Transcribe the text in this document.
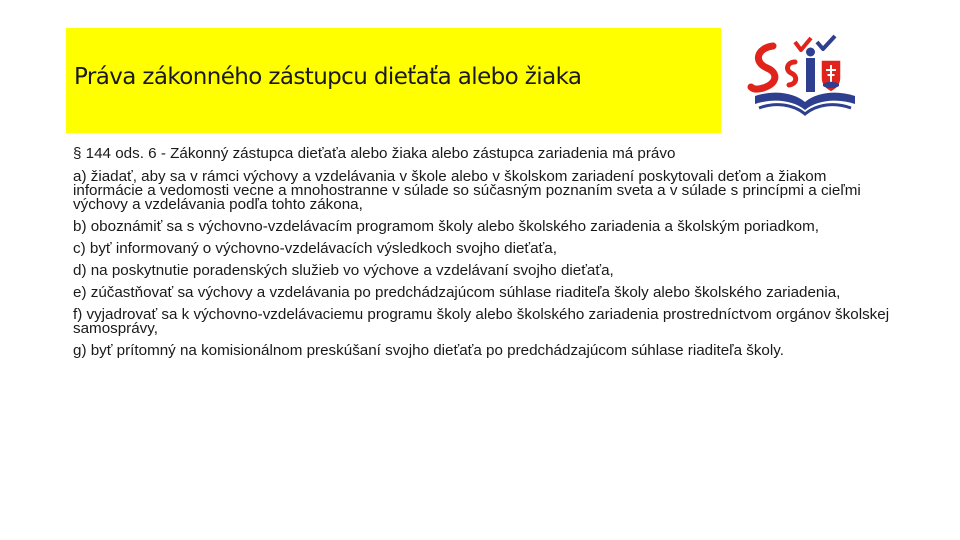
Práva zákonného zástupcu dieťaťa alebo žiaka

§ 144 ods. 6 - Zákonný zástupca dieťaťa alebo žiaka alebo zástupca zariadenia má právo

a) žiadať, aby sa v rámci výchovy a vzdelávania v škole alebo v školskom zariadení poskytovali deťom a žiakom informácie a vedomosti vecne a mnohostranne v súlade so súčasným poznaním sveta a v súlade s princípmi a cieľmi výchovy a vzdelávania podľa tohto zákona,

b) oboznámiť sa s výchovno-vzdelávacím programom školy alebo školského zariadenia a školským poriadkom,

c) byť informovaný o výchovno-vzdelávacích výsledkoch svojho dieťaťa,

d) na poskytnutie poradenských služieb vo výchove a vzdelávaní svojho dieťaťa,

e) zúčastňovať sa výchovy a vzdelávania po predchádzajúcom súhlase riaditeľa školy alebo školského zariadenia,

f) vyjadrovať sa k výchovno-vzdelávaciemu programu školy alebo školského zariadenia prostredníctvom orgánov školskej samosprávy,

g) byť prítomný na komisionálnom preskúšaní svojho dieťaťa po predchádzajúcom súhlase riaditeľa školy.
